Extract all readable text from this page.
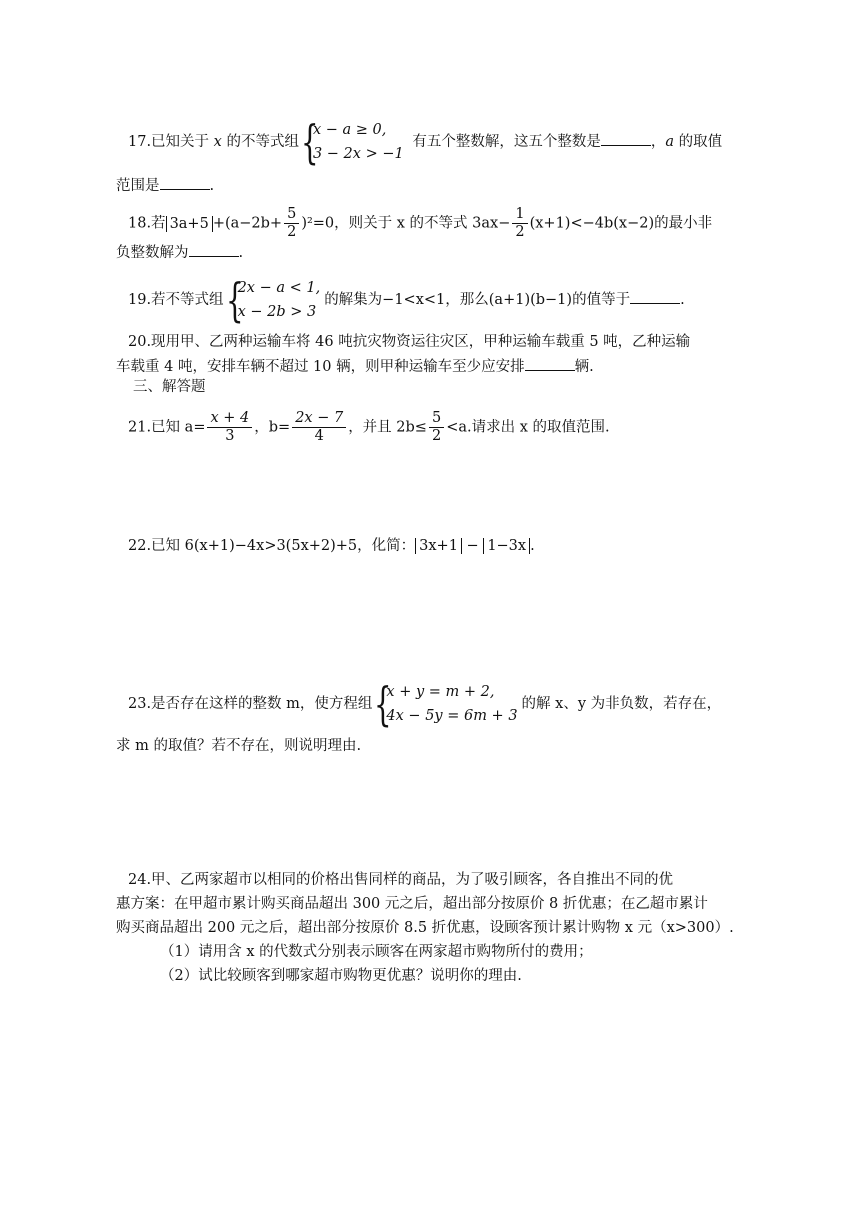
17.已知关于 x 的不等式组 {
x − a ≥ 0,
3 − 2x > −1
有五个整数解，这五个整数是	，a 的取值
范围是	.
18.若 $3a+5 +(a-2b+ \frac{5}{2} )^2=0$，则关于 x 的不等式 $3ax- \frac{1}{2} (x+1)<-4b(x-2)$的最小非
负整数解为	.
19.若不等式组 {
2x − a < 1,
x − 2b > 3
的解集为−1<x<1，那么(a+1)(b−1)的值等于	.
20.现用甲、乙两种运输车将 46 吨抗灾物资运往灾区，甲种运输车载重 5 吨，乙种运输
车载重 4 吨，安排车辆不超过 10 辆，则甲种运输车至少应安排	辆.
三、解答题
21.已知 $a= \frac{x + 4}{3}$ ，$b= \frac{2x - 7}{4}$ ，并且 $2b\le \frac{5}{2} <a$.请求出 x 的取值范围.
22.已知 6(x+1)−4x>3(5x+2)+5，化简： 3x+1 − 1−3x .
23.是否存在这样的整数 m，使方程组 {
x + y = m + 2,
4x − 5y = 6m + 3
的解 x、y 为非负数，若存在，
求 m 的取值？若不存在，则说明理由.
24.甲、乙两家超市以相同的价格出售同样的商品，为了吸引顾客，各自推出不同的优
惠方案：在甲超市累计购买商品超出 300 元之后，超出部分按原价 8 折优惠；在乙超市累计
购买商品超出 200 元之后，超出部分按原价 8.5 折优惠，设顾客预计累计购物 x 元（x>300）.
（1）请用含 x 的代数式分别表示顾客在两家超市购物所付的费用；
（2）试比较顾客到哪家超市购物更优惠？说明你的理由.
